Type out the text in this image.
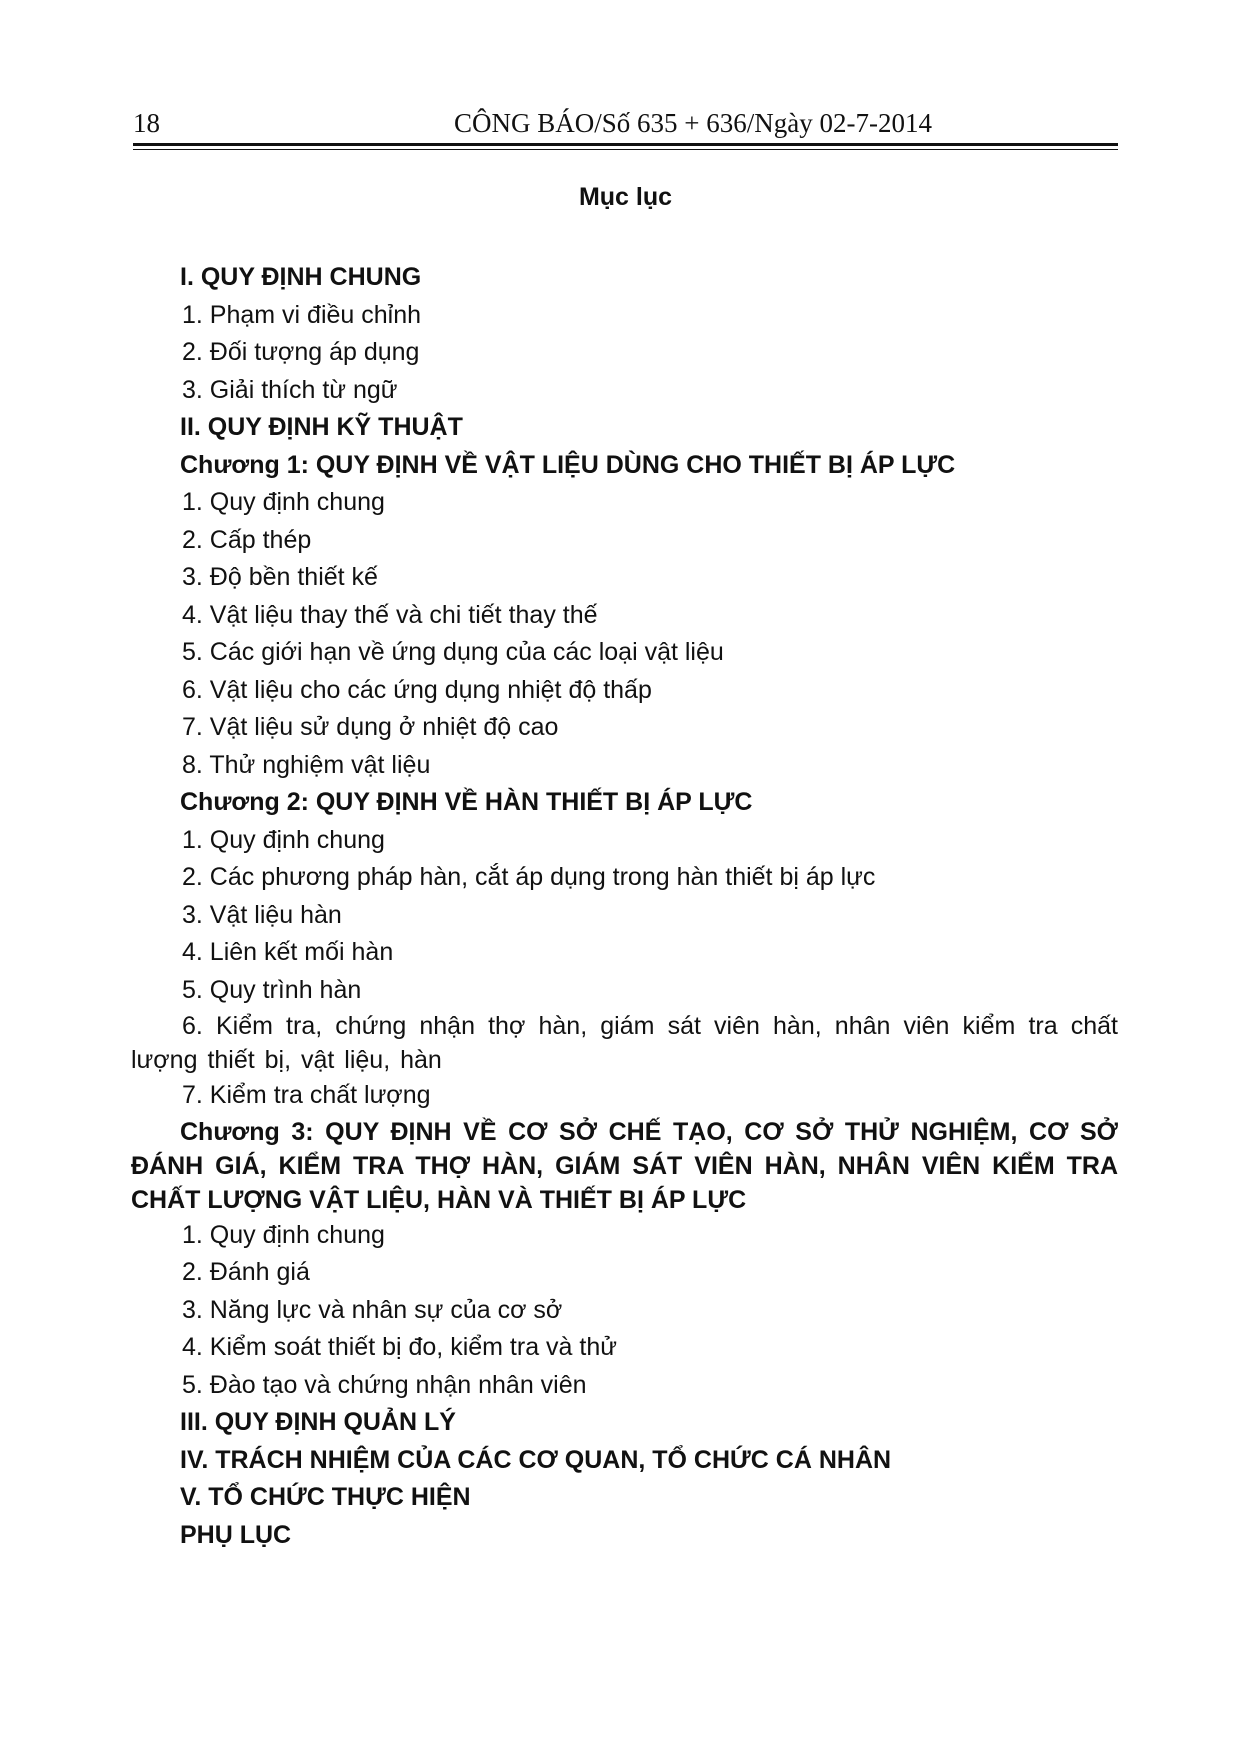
18	CÔNG BÁO/Số 635 + 636/Ngày 02-7-2014
Mục lục
I. QUY ĐỊNH CHUNG
1. Phạm vi điều chỉnh
2. Đối tượng áp dụng
3. Giải thích từ ngữ
II. QUY ĐỊNH KỸ THUẬT
Chương 1: QUY ĐỊNH VỀ VẬT LIỆU DÙNG CHO THIẾT BỊ ÁP LỰC
1. Quy định chung
2. Cấp thép
3. Độ bền thiết kế
4. Vật liệu thay thế và chi tiết thay thế
5. Các giới hạn về ứng dụng của các loại vật liệu
6. Vật liệu cho các ứng dụng nhiệt độ thấp
7. Vật liệu sử dụng ở nhiệt độ cao
8. Thử nghiệm vật liệu
Chương 2: QUY ĐỊNH VỀ HÀN THIẾT BỊ ÁP LỰC
1. Quy định chung
2. Các phương pháp hàn, cắt áp dụng trong hàn thiết bị áp lực
3. Vật liệu hàn
4. Liên kết mối hàn
5. Quy trình hàn
6. Kiểm tra, chứng nhận thợ hàn, giám sát viên hàn, nhân viên kiểm tra chất lượng thiết bị, vật liệu, hàn
7. Kiểm tra chất lượng
Chương 3: QUY ĐỊNH VỀ CƠ SỞ CHẾ TẠO, CƠ SỞ THỬ NGHIỆM, CƠ SỞ ĐÁNH GIÁ, KIỂM TRA THỢ HÀN, GIÁM SÁT VIÊN HÀN, NHÂN VIÊN KIỂM TRA CHẤT LƯỢNG VẬT LIỆU, HÀN VÀ THIẾT BỊ ÁP LỰC
1. Quy định chung
2. Đánh giá
3. Năng lực và nhân sự của cơ sở
4. Kiểm soát thiết bị đo, kiểm tra và thử
5. Đào tạo và chứng nhận nhân viên
III. QUY ĐỊNH QUẢN LÝ
IV. TRÁCH NHIỆM CỦA CÁC CƠ QUAN, TỔ CHỨC CÁ NHÂN
V. TỔ CHỨC THỰC HIỆN
PHỤ LỤC
